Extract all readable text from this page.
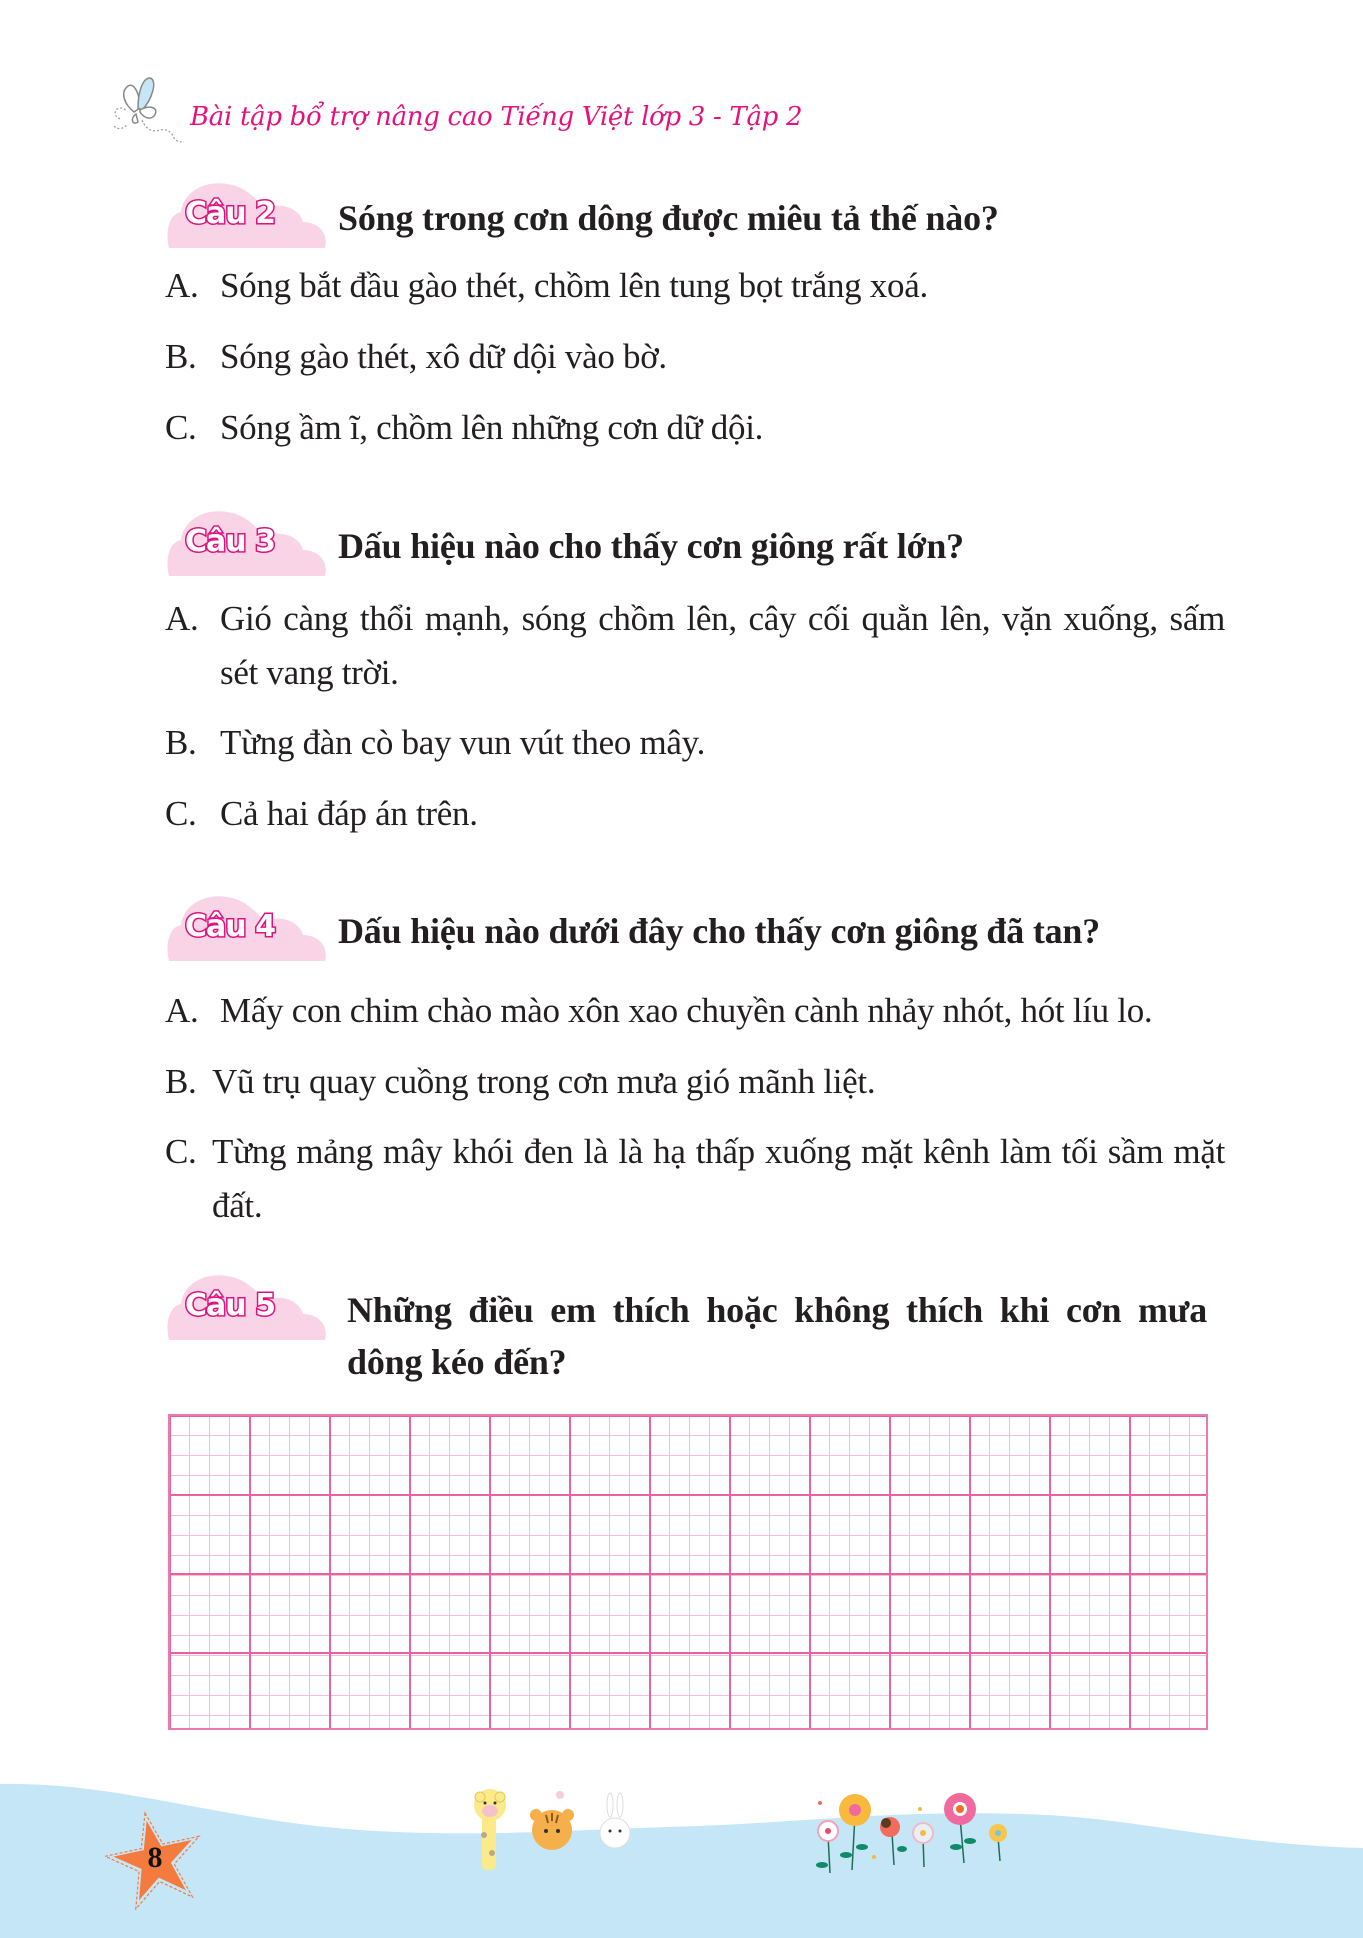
Bài tập bổ trợ nâng cao Tiếng Việt lớp 3 - Tập 2
Câu 2 Sóng trong cơn dông được miêu tả thế nào?
A. Sóng bắt đầu gào thét, chồm lên tung bọt trắng xoá.
B. Sóng gào thét, xô dữ dội vào bờ.
C. Sóng ầm ĩ, chồm lên những cơn dữ dội.
Câu 3 Dấu hiệu nào cho thấy cơn giông rất lớn?
A. Gió càng thổi mạnh, sóng chồm lên, cây cối quằn lên, vặn xuống, sấm sét vang trời.
B. Từng đàn cò bay vun vút theo mây.
C. Cả hai đáp án trên.
Câu 4 Dấu hiệu nào dưới đây cho thấy cơn giông đã tan?
A. Mấy con chim chào mào xôn xao chuyền cành nhảy nhót, hót líu lo.
B. Vũ trụ quay cuồng trong cơn mưa gió mãnh liệt.
C. Từng mảng mây khói đen là là hạ thấp xuống mặt kênh làm tối sầm mặt đất.
Câu 5 Những điều em thích hoặc không thích khi cơn mưa dông kéo đến?
8
